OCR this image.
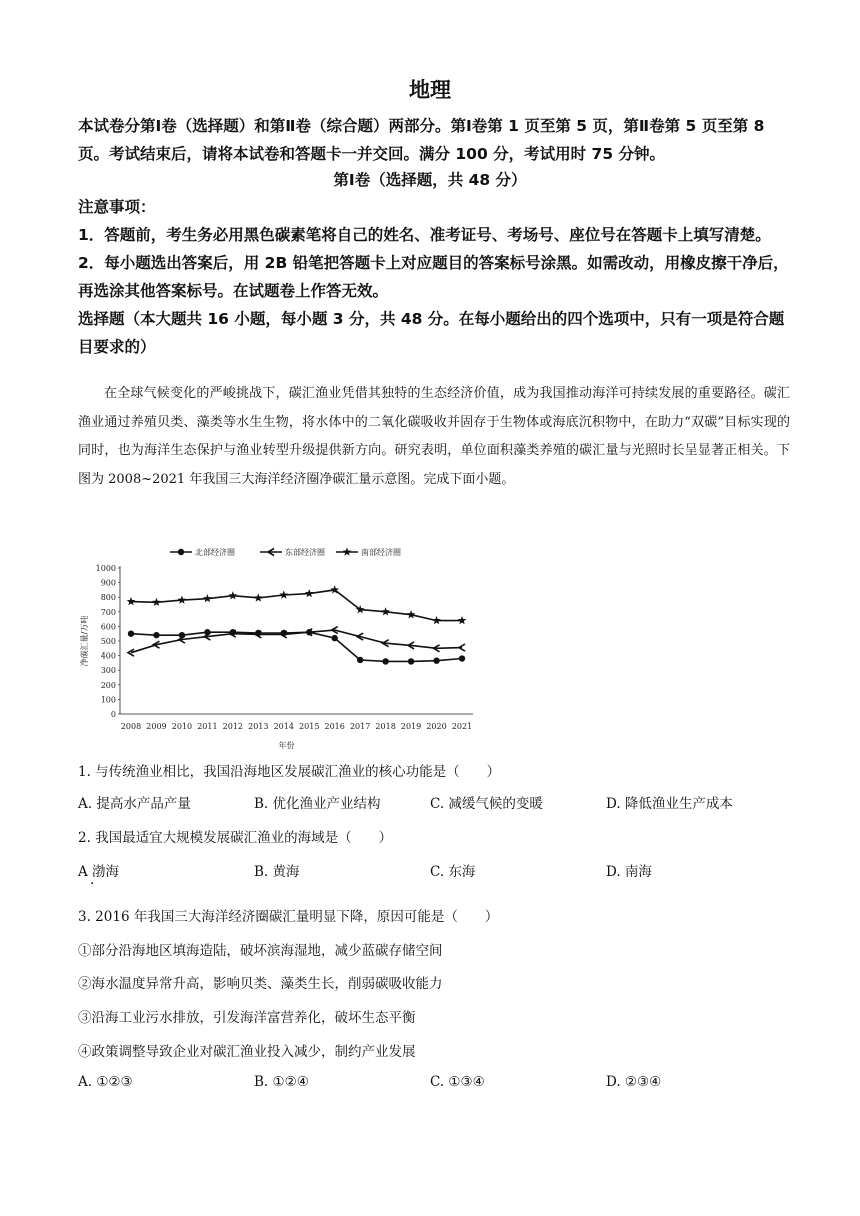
地理
本试卷分第Ⅰ卷（选择题）和第Ⅱ卷（综合题）两部分。第Ⅰ卷第 1 页至第 5 页，第Ⅱ卷第 5 页至第 8 页。考试结束后，请将本试卷和答题卡一并交回。满分 100 分，考试用时 75 分钟。
第Ⅰ卷（选择题，共 48 分）
注意事项：
1．答题前，考生务必用黑色碳素笔将自己的姓名、准考证号、考场号、座位号在答题卡上填写清楚。
2．每小题选出答案后，用 2B 铅笔把答题卡上对应题目的答案标号涂黑。如需改动，用橡皮擦干净后，再选涂其他答案标号。在试题卷上作答无效。
选择题（本大题共 16 小题，每小题 3 分，共 48 分。在每小题给出的四个选项中，只有一项是符合题目要求的）
在全球气候变化的严峻挑战下，碳汇渔业凭借其独特的生态经济价值，成为我国推动海洋可持续发展的重要路径。碳汇渔业通过养殖贝类、藻类等水生生物，将水体中的二氧化碳吸收并固存于生物体或海底沉积物中，在助力“双碳”目标实现的同时，也为海洋生态保护与渔业转型升级提供新方向。研究表明，单位面积藻类养殖的碳汇量与光照时长呈显著正相关。下图为 2008~2021 年我国三大海洋经济圈净碳汇量示意图。完成下面小题。
北部经济圈	东部经济圈	南部经济圈
净碳汇量/万吨
0
100
200
300
400
500
600
700
800
900
1000
2008 2009 2010 2011 2012 2013 2014 2015 2016 2017 2018 2019 2020 2021
年份
1. 与传统渔业相比，我国沿海地区发展碳汇渔业的核心功能是（　　）
A. 提高水产品产量	B. 优化渔业产业结构	C. 减缓气候的变暖	D. 降低渔业生产成本
2. 我国最适宜大规模发展碳汇渔业的海域是（　　）
A 渤海
·
B. 黄海	C. 东海	D. 南海
3. 2016 年我国三大海洋经济圈碳汇量明显下降，原因可能是（　　）
①部分沿海地区填海造陆，破坏滨海湿地，减少蓝碳存储空间
②海水温度异常升高，影响贝类、藻类生长，削弱碳吸收能力
③沿海工业污水排放，引发海洋富营养化，破坏生态平衡
④政策调整导致企业对碳汇渔业投入减少，制约产业发展
A. ①②③	B. ①②④	C. ①③④	D. ②③④
